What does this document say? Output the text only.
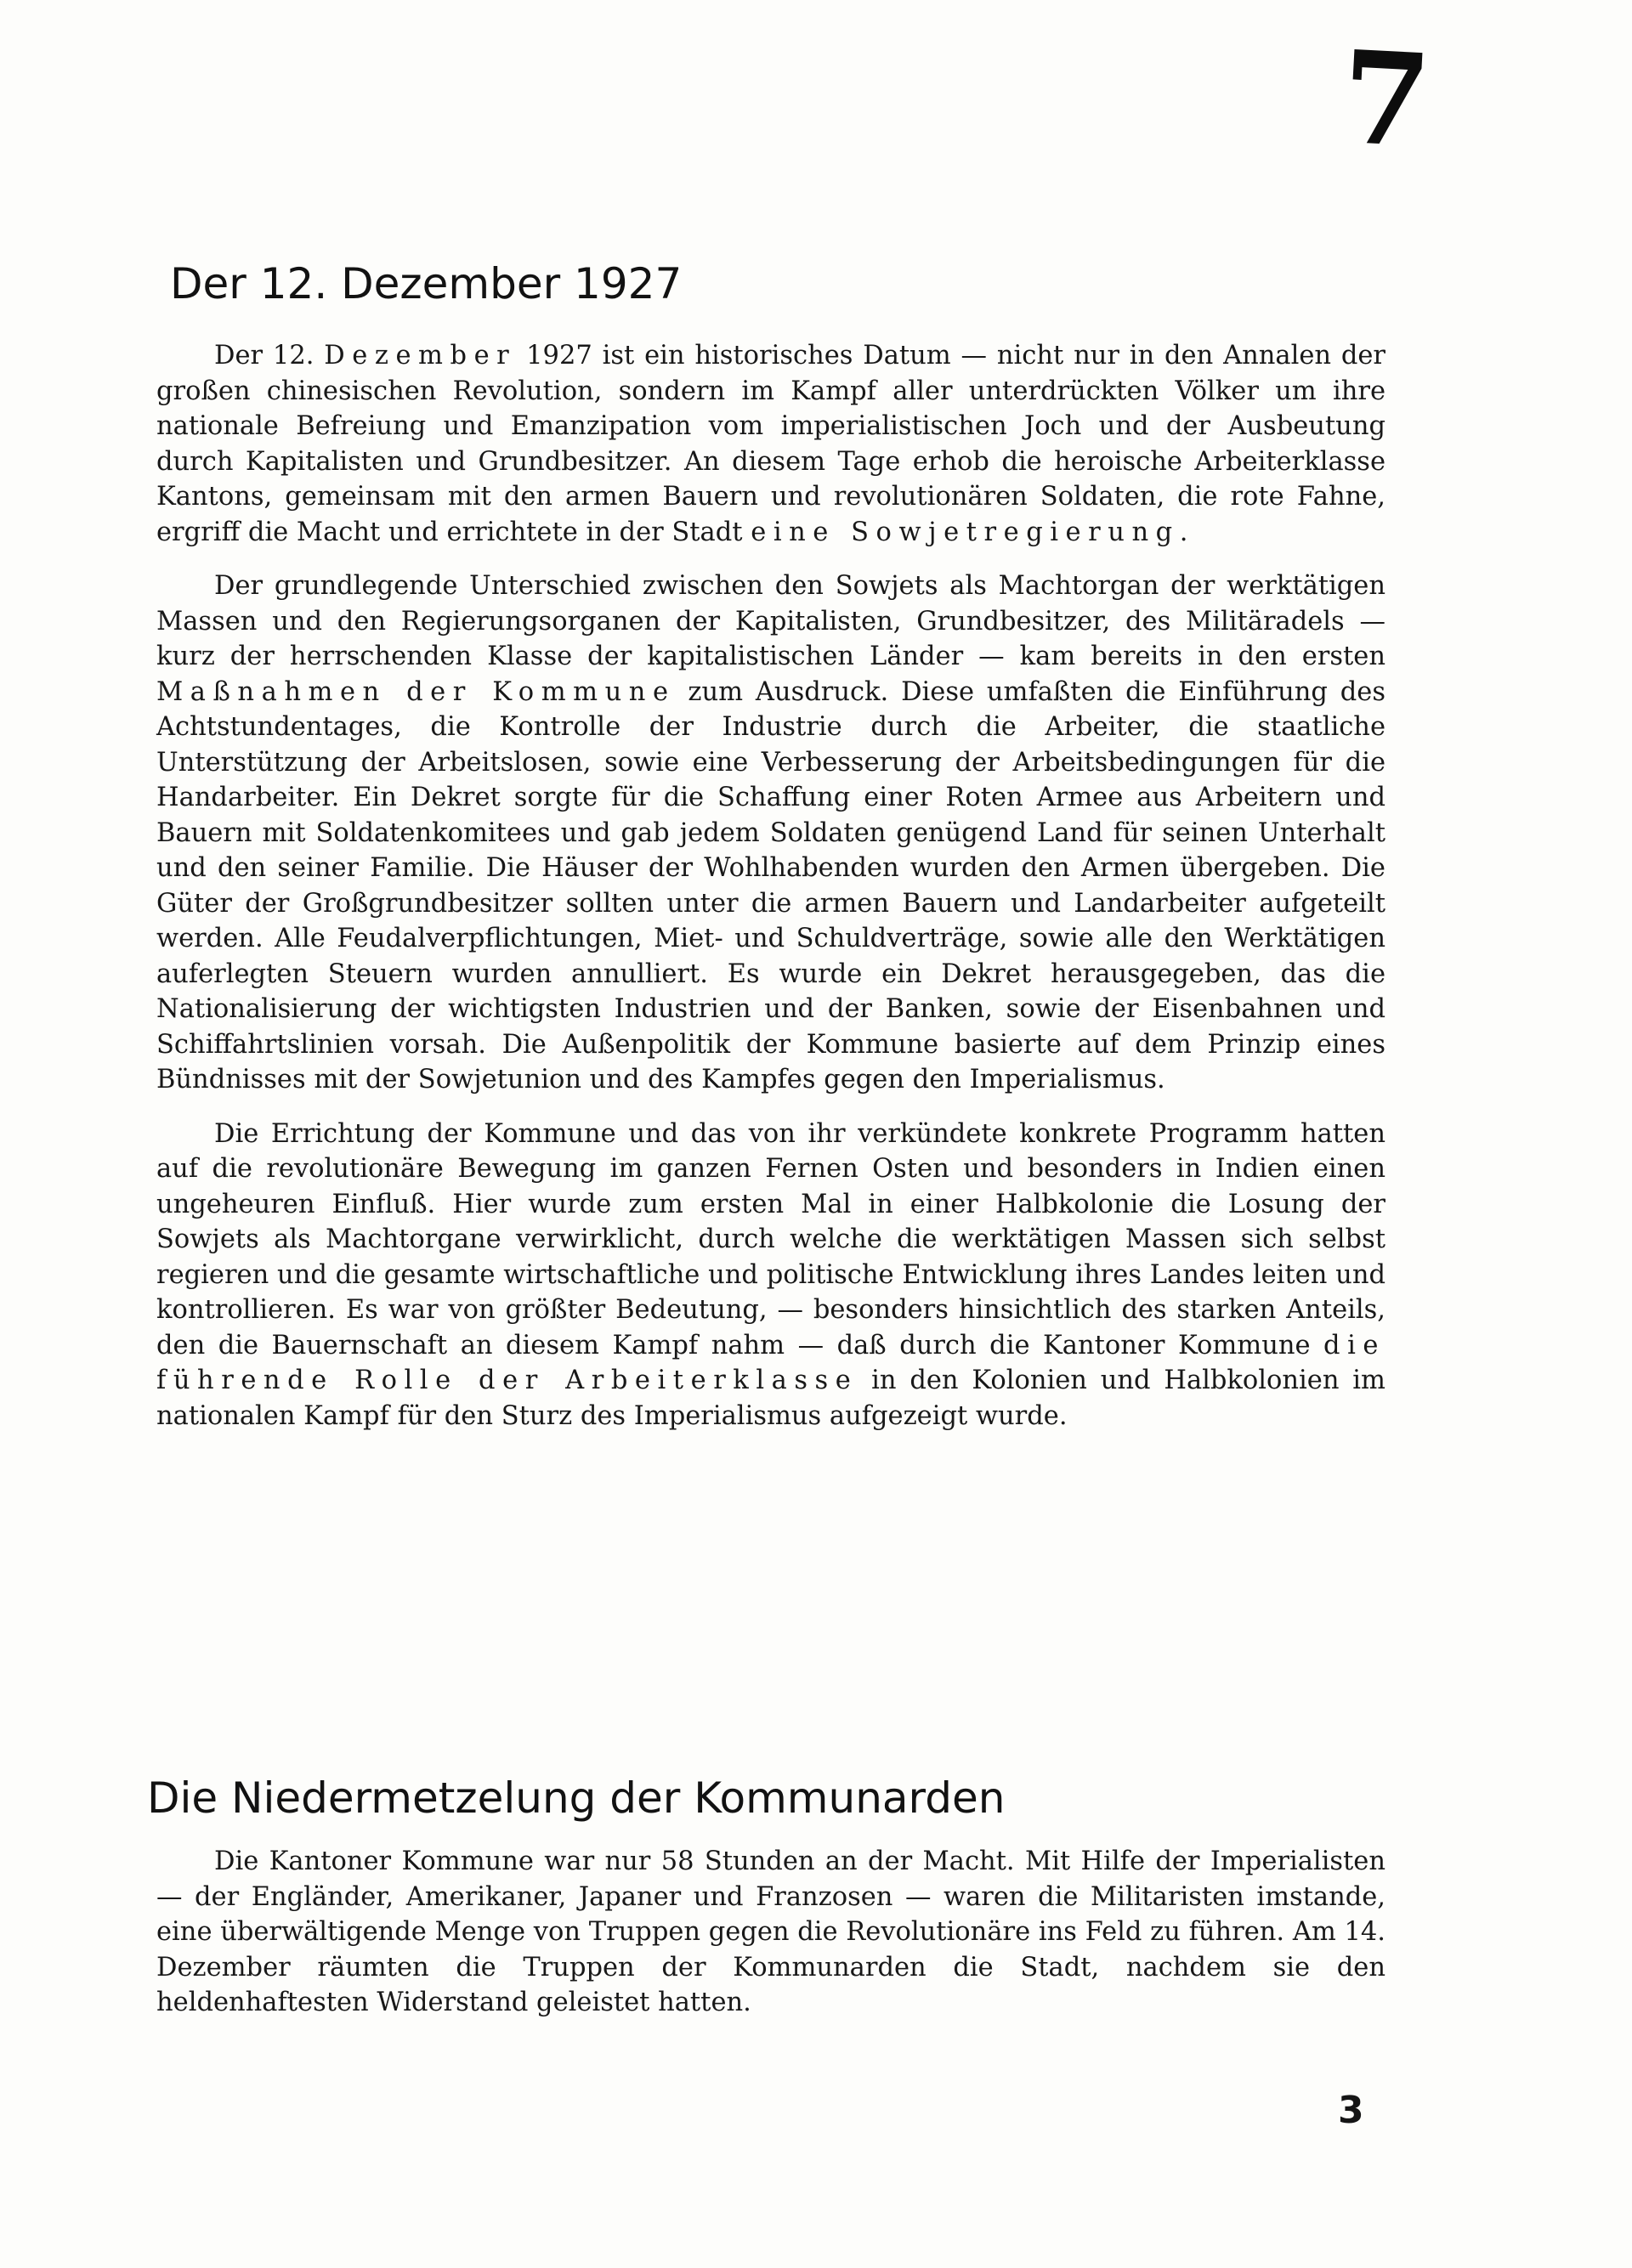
7
Der 12. Dezember 1927

Der 12. Dezember 1927 ist ein historisches Datum — nicht nur in den Annalen der großen chinesischen Revolution, sondern im Kampf aller unterdrückten Völker um ihre nationale Befreiung und Emanzipation vom imperialistischen Joch und der Ausbeutung durch Kapitalisten und Grundbesitzer. An diesem Tage erhob die heroische Arbeiterklasse Kantons, gemeinsam mit den armen Bauern und revolutionären Soldaten, die rote Fahne, ergriff die Macht und errichtete in der Stadt eine Sowjetregierung.

Der grundlegende Unterschied zwischen den Sowjets als Machtorgan der werktätigen Massen und den Regierungsorganen der Kapitalisten, Grundbesitzer, des Militäradels — kurz der herrschenden Klasse der kapitalistischen Länder — kam bereits in den ersten Maßnahmen der Kommune zum Ausdruck. Diese umfaßten die Einführung des Achtstundentages, die Kontrolle der Industrie durch die Arbeiter, die staatliche Unterstützung der Arbeitslosen, sowie eine Verbesserung der Arbeitsbedingungen für die Handarbeiter. Ein Dekret sorgte für die Schaffung einer Roten Armee aus Arbeitern und Bauern mit Soldatenkomitees und gab jedem Soldaten genügend Land für seinen Unterhalt und den seiner Familie. Die Häuser der Wohlhabenden wurden den Armen übergeben. Die Güter der Großgrundbesitzer sollten unter die armen Bauern und Landarbeiter aufgeteilt werden. Alle Feudalverpflichtungen, Miet- und Schuldverträge, sowie alle den Werktätigen auferlegten Steuern wurden annulliert. Es wurde ein Dekret herausgegeben, das die Nationalisierung der wichtigsten Industrien und der Banken, sowie der Eisenbahnen und Schiffahrtslinien vorsah. Die Außenpolitik der Kommune basierte auf dem Prinzip eines Bündnisses mit der Sowjetunion und des Kampfes gegen den Imperialismus.

Die Errichtung der Kommune und das von ihr verkündete konkrete Programm hatten auf die revolutionäre Bewegung im ganzen Fernen Osten und besonders in Indien einen ungeheuren Einfluß. Hier wurde zum ersten Mal in einer Halbkolonie die Losung der Sowjets als Machtorgane verwirklicht, durch welche die werktätigen Massen sich selbst regieren und die gesamte wirtschaftliche und politische Entwicklung ihres Landes leiten und kontrollieren. Es war von größter Bedeutung, — besonders hinsichtlich des starken Anteils, den die Bauernschaft an diesem Kampf nahm — daß durch die Kantoner Kommune die führende Rolle der Arbeiterklasse in den Kolonien und Halbkolonien im nationalen Kampf für den Sturz des Imperialismus aufgezeigt wurde.

Die Niedermetzelung der Kommunarden

Die Kantoner Kommune war nur 58 Stunden an der Macht. Mit Hilfe der Imperialisten — der Engländer, Amerikaner, Japaner und Franzosen — waren die Militaristen imstande, eine überwältigende Menge von Truppen gegen die Revolutionäre ins Feld zu führen. Am 14. Dezember räumten die Truppen der Kommunarden die Stadt, nachdem sie den heldenhaftesten Widerstand geleistet hatten.

3
